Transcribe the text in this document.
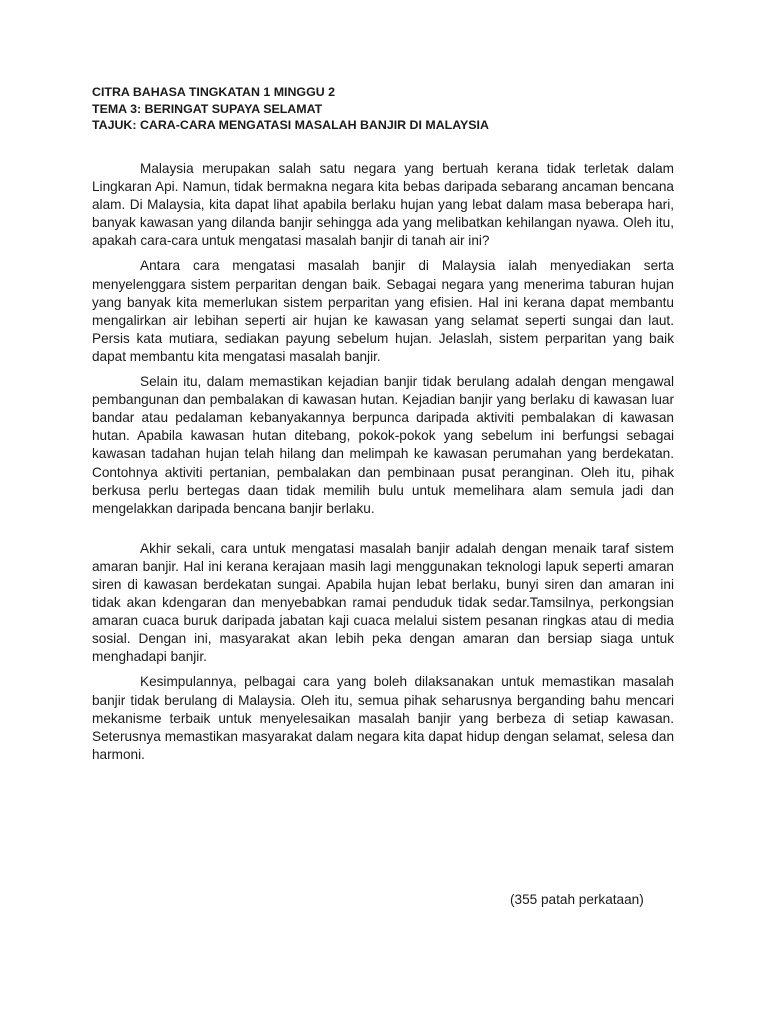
CITRA BAHASA TINGKATAN 1 MINGGU 2
TEMA 3: BERINGAT SUPAYA SELAMAT
TAJUK: CARA-CARA MENGATASI MASALAH BANJIR DI MALAYSIA

Malaysia merupakan salah satu negara yang bertuah kerana tidak terletak dalam Lingkaran Api. Namun, tidak bermakna negara kita bebas daripada sebarang ancaman bencana alam. Di Malaysia, kita dapat lihat apabila berlaku hujan yang lebat dalam masa beberapa hari, banyak kawasan yang dilanda banjir sehingga ada yang melibatkan kehilangan nyawa. Oleh itu, apakah cara-cara untuk mengatasi masalah banjir di tanah air ini?

Antara cara mengatasi masalah banjir di Malaysia ialah menyediakan serta menyelenggara sistem perparitan dengan baik. Sebagai negara yang menerima taburan hujan yang banyak kita memerlukan sistem perparitan yang efisien. Hal ini kerana dapat membantu mengalirkan air lebihan seperti air hujan ke kawasan yang selamat seperti sungai dan laut. Persis kata mutiara, sediakan payung sebelum hujan. Jelaslah, sistem perparitan yang baik dapat membantu kita mengatasi masalah banjir.

Selain itu, dalam memastikan kejadian banjir tidak berulang adalah dengan mengawal pembangunan dan pembalakan di kawasan hutan. Kejadian banjir yang berlaku di kawasan luar bandar atau pedalaman kebanyakannya berpunca daripada aktiviti pembalakan di kawasan hutan. Apabila kawasan hutan ditebang, pokok-pokok yang sebelum ini berfungsi sebagai kawasan tadahan hujan telah hilang dan melimpah ke kawasan perumahan yang berdekatan. Contohnya aktiviti pertanian, pembalakan dan pembinaan pusat peranginan. Oleh itu, pihak berkusa perlu bertegas daan tidak memilih bulu untuk memelihara alam semula jadi dan mengelakkan daripada bencana banjir berlaku.

Akhir sekali, cara untuk mengatasi masalah banjir adalah dengan menaik taraf sistem amaran banjir. Hal ini kerana kerajaan masih lagi menggunakan teknologi lapuk seperti amaran siren di kawasan berdekatan sungai. Apabila hujan lebat berlaku, bunyi siren dan amaran ini tidak akan kdengaran dan menyebabkan ramai penduduk tidak sedar.Tamsilnya, perkongsian amaran cuaca buruk daripada jabatan kaji cuaca melalui sistem pesanan ringkas atau di media sosial. Dengan ini, masyarakat akan lebih peka dengan amaran dan bersiap siaga untuk menghadapi banjir.

Kesimpulannya, pelbagai cara yang boleh dilaksanakan untuk memastikan masalah banjir tidak berulang di Malaysia. Oleh itu, semua pihak seharusnya berganding bahu mencari mekanisme terbaik untuk menyelesaikan masalah banjir yang berbeza di setiap kawasan. Seterusnya memastikan masyarakat dalam negara kita dapat hidup dengan selamat, selesa dan harmoni.

(355 patah perkataan)
